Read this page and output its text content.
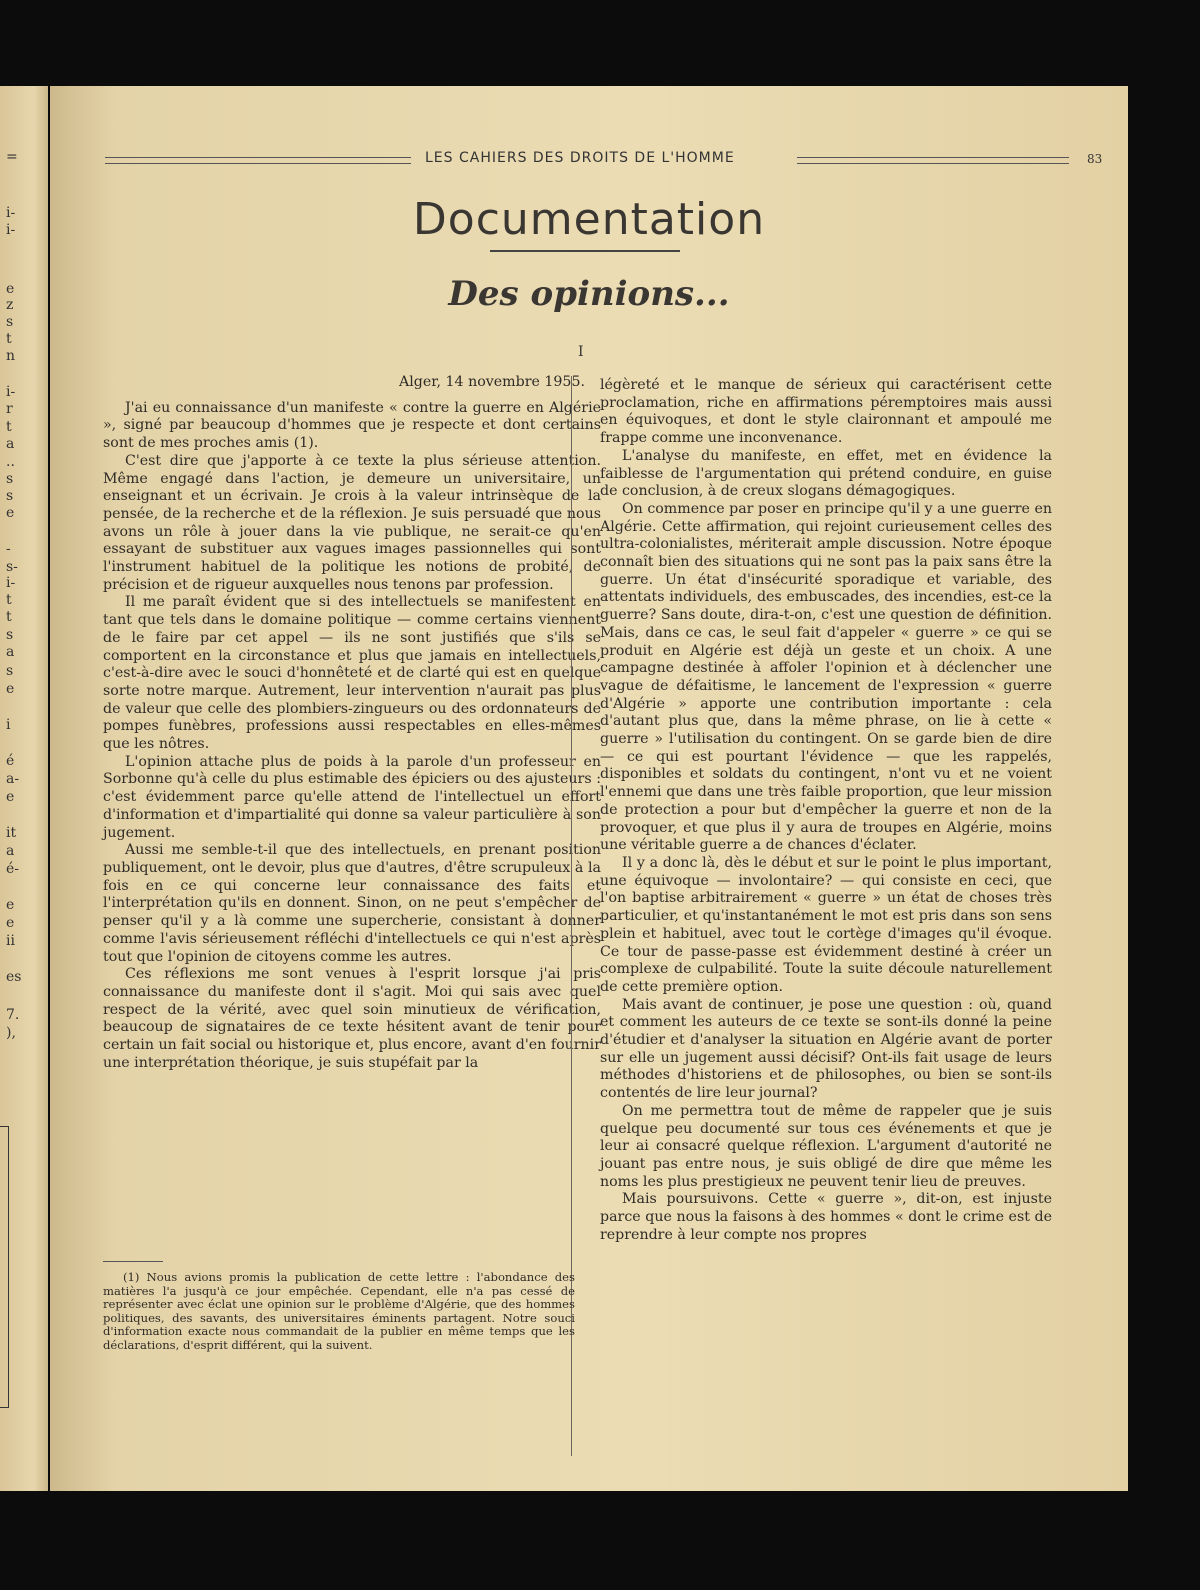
=
i-
i-
e
z
s
t
n
i-
r
t
a
..
s
s
e
-
s-
i-
t
t
s
a
s
e
i
é
a-
e
it
a
é-
e
e
ii
es
7.
),
LES CAHIERS DES DROITS DE L'HOMME	83
Documentation
Des opinions...
I

Alger, 14 novembre 1955.

J'ai eu connaissance d'un manifeste « contre la guerre en Algérie », signé par beaucoup d'hommes que je respecte et dont certains sont de mes proches amis (1).

C'est dire que j'apporte à ce texte la plus sérieuse attention. Même engagé dans l'action, je demeure un universitaire, un enseignant et un écrivain. Je crois à la valeur intrinsèque de la pensée, de la recherche et de la réflexion. Je suis persuadé que nous avons un rôle à jouer dans la vie publique, ne serait-ce qu'en essayant de substituer aux vagues images passionnelles qui sont l'instrument habituel de la politique les notions de probité, de précision et de rigueur auxquelles nous tenons par profession.

Il me paraît évident que si des intellectuels se manifestent en tant que tels dans le domaine politique — comme certains viennent de le faire par cet appel — ils ne sont justifiés que s'ils se comportent en la circonstance et plus que jamais en intellectuels, c'est-à-dire avec le souci d'honnêteté et de clarté qui est en quelque sorte notre marque. Autrement, leur intervention n'aurait pas plus de valeur que celle des plombiers-zingueurs ou des ordonnateurs de pompes funèbres, professions aussi respectables en elles-mêmes que les nôtres.

L'opinion attache plus de poids à la parole d'un professeur en Sorbonne qu'à celle du plus estimable des épiciers ou des ajusteurs : c'est évidemment parce qu'elle attend de l'intellectuel un effort d'information et d'impartialité qui donne sa valeur particulière à son jugement.

Aussi me semble-t-il que des intellectuels, en prenant position publiquement, ont le devoir, plus que d'autres, d'être scrupuleux à la fois en ce qui concerne leur connaissance des faits et l'interprétation qu'ils en donnent. Sinon, on ne peut s'empêcher de penser qu'il y a là comme une supercherie, consistant à donner comme l'avis sérieusement réfléchi d'intellectuels ce qui n'est après tout que l'opinion de citoyens comme les autres.

Ces réflexions me sont venues à l'esprit lorsque j'ai pris connaissance du manifeste dont il s'agit. Moi qui sais avec quel respect de la vérité, avec quel soin minutieux de vérification, beaucoup de signataires de ce texte hésitent avant de tenir pour certain un fait social ou historique et, plus encore, avant d'en fournir une interprétation théorique, je suis stupéfait par la

(1) Nous avions promis la publication de cette lettre : l'abondance des matières l'a jusqu'à ce jour empêchée. Cependant, elle n'a pas cessé de représenter avec éclat une opinion sur le problème d'Algérie, que des hommes politiques, des savants, des universitaires éminents partagent. Notre souci d'information exacte nous commandait de la publier en même temps que les déclarations, d'esprit différent, qui la suivent.

légèreté et le manque de sérieux qui caractérisent cette proclamation, riche en affirmations péremptoires mais aussi en équivoques, et dont le style claironnant et ampoulé me frappe comme une inconvenance.

L'analyse du manifeste, en effet, met en évidence la faiblesse de l'argumentation qui prétend conduire, en guise de conclusion, à de creux slogans démagogiques.

On commence par poser en principe qu'il y a une guerre en Algérie. Cette affirmation, qui rejoint curieusement celles des ultra-colonialistes, mériterait ample discussion. Notre époque connaît bien des situations qui ne sont pas la paix sans être la guerre. Un état d'insécurité sporadique et variable, des attentats individuels, des embuscades, des incendies, est-ce la guerre? Sans doute, dira-t-on, c'est une question de définition. Mais, dans ce cas, le seul fait d'appeler « guerre » ce qui se produit en Algérie est déjà un geste et un choix. A une campagne destinée à affoler l'opinion et à déclencher une vague de défaitisme, le lancement de l'expression « guerre d'Algérie » apporte une contribution importante : cela d'autant plus que, dans la même phrase, on lie à cette « guerre » l'utilisation du contingent. On se garde bien de dire — ce qui est pourtant l'évidence — que les rappelés, disponibles et soldats du contingent, n'ont vu et ne voient l'ennemi que dans une très faible proportion, que leur mission de protection a pour but d'empêcher la guerre et non de la provoquer, et que plus il y aura de troupes en Algérie, moins une véritable guerre a de chances d'éclater.

Il y a donc là, dès le début et sur le point le plus important, une équivoque — involontaire? — qui consiste en ceci, que l'on baptise arbitrairement « guerre » un état de choses très particulier, et qu'instantanément le mot est pris dans son sens plein et habituel, avec tout le cortège d'images qu'il évoque. Ce tour de passe-passe est évidemment destiné à créer un complexe de culpabilité. Toute la suite découle naturellement de cette première option.

Mais avant de continuer, je pose une question : où, quand et comment les auteurs de ce texte se sont-ils donné la peine d'étudier et d'analyser la situation en Algérie avant de porter sur elle un jugement aussi décisif? Ont-ils fait usage de leurs méthodes d'historiens et de philosophes, ou bien se sont-ils contentés de lire leur journal?

On me permettra tout de même de rappeler que je suis quelque peu documenté sur tous ces événements et que je leur ai consacré quelque réflexion. L'argument d'autorité ne jouant pas entre nous, je suis obligé de dire que même les noms les plus prestigieux ne peuvent tenir lieu de preuves.

Mais poursuivons. Cette « guerre », dit-on, est injuste parce que nous la faisons à des hommes « dont le crime est de reprendre à leur compte nos propres
